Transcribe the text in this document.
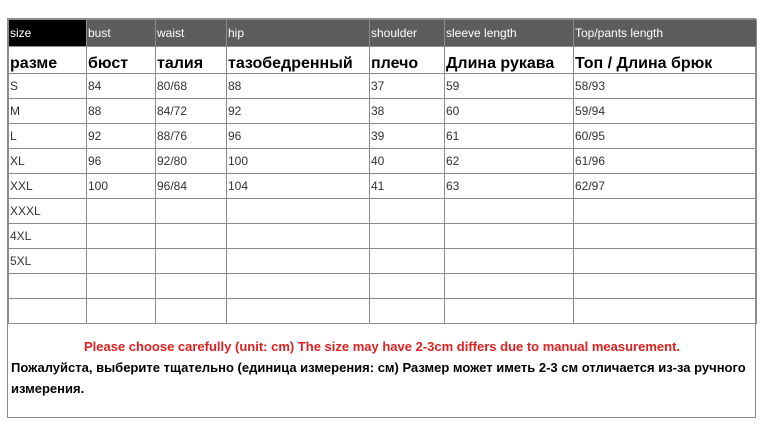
size	bust	waist	hip	shoulder	sleeve length	Top/pants length
разме	бюст	талия	тазобедренный	плечо	Длина рукава	Топ / Длина брюк
S	84	80/68	88	37	59	58/93
M	88	84/72	92	38	60	59/94
L	92	88/76	96	39	61	60/95
XL	96	92/80	100	40	62	61/96
XXL	100	96/84	104	41	63	62/97
XXXL						
4XL						
5XL						

Please choose carefully (unit: cm) The size may have 2-3cm differs due to manual measurement.
Пожалуйста, выберите тщательно (единица измерения: см) Размер может иметь 2-3 см отличается из-за ручного измерения.
